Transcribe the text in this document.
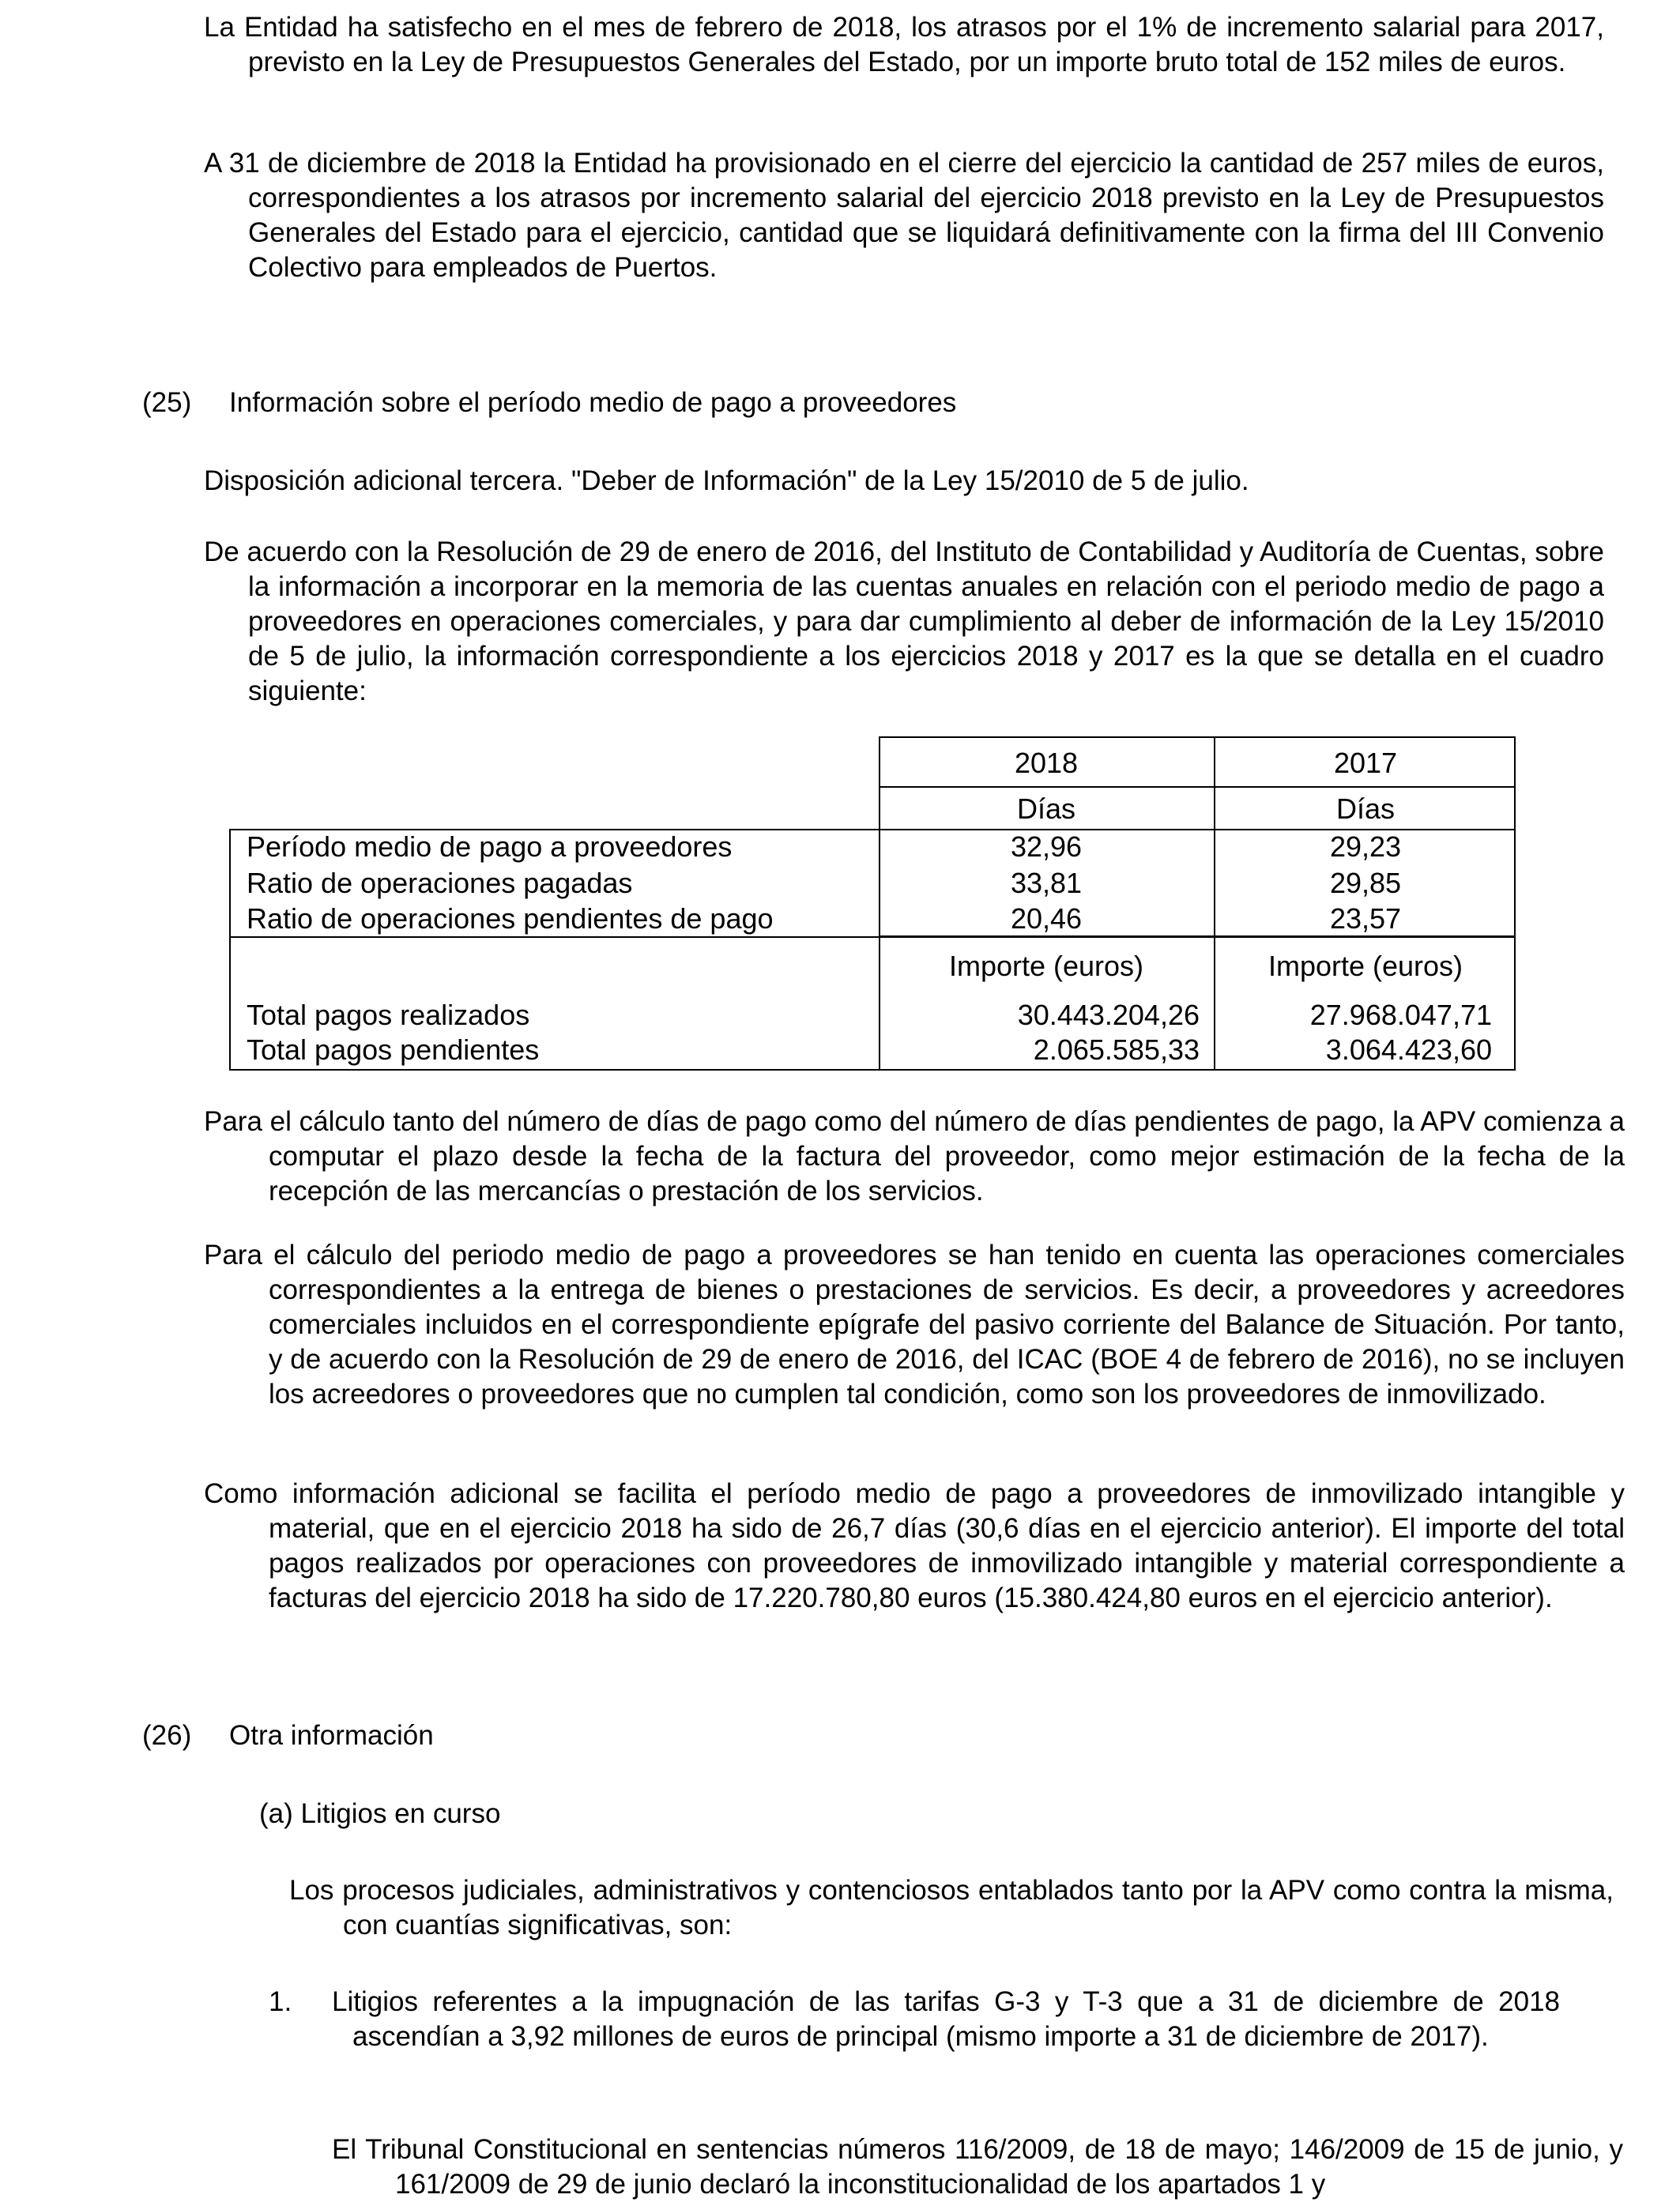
La Entidad ha satisfecho en el mes de febrero de 2018, los atrasos por el 1% de incremento salarial para 2017, previsto en la Ley de Presupuestos Generales del Estado, por un importe bruto total de 152 miles de euros.

A 31 de diciembre de 2018 la Entidad ha provisionado en el cierre del ejercicio la cantidad de 257 miles de euros, correspondientes a los atrasos por incremento salarial del ejercicio 2018 previsto en la Ley de Presupuestos Generales del Estado para el ejercicio, cantidad que se liquidará definitivamente con la firma del III Convenio Colectivo para empleados de Puertos.

(25) Información sobre el período medio de pago a proveedores

Disposición adicional tercera. "Deber de Información" de la Ley 15/2010 de 5 de julio.

De acuerdo con la Resolución de 29 de enero de 2016, del Instituto de Contabilidad y Auditoría de Cuentas, sobre la información a incorporar en la memoria de las cuentas anuales en relación con el periodo medio de pago a proveedores en operaciones comerciales, y para dar cumplimiento al deber de información de la Ley 15/2010 de 5 de julio, la información correspondiente a los ejercicios 2018 y 2017 es la que se detalla en el cuadro siguiente:

2018	2017
Días	Días
Período medio de pago a proveedores	32,96	29,23
Ratio de operaciones pagadas	33,81	29,85
Ratio de operaciones pendientes de pago	20,46	23,57
Importe (euros)	Importe (euros)
Total pagos realizados	30.443.204,26	27.968.047,71
Total pagos pendientes	2.065.585,33	3.064.423,60

Para el cálculo tanto del número de días de pago como del número de días pendientes de pago, la APV comienza a computar el plazo desde la fecha de la factura del proveedor, como mejor estimación de la fecha de la recepción de las mercancías o prestación de los servicios.

Para el cálculo del periodo medio de pago a proveedores se han tenido en cuenta las operaciones comerciales correspondientes a la entrega de bienes o prestaciones de servicios. Es decir, a proveedores y acreedores comerciales incluidos en el correspondiente epígrafe del pasivo corriente del Balance de Situación. Por tanto, y de acuerdo con la Resolución de 29 de enero de 2016, del ICAC (BOE 4 de febrero de 2016), no se incluyen los acreedores o proveedores que no cumplen tal condición, como son los proveedores de inmovilizado.

Como información adicional se facilita el período medio de pago a proveedores de inmovilizado intangible y material, que en el ejercicio 2018 ha sido de 26,7 días (30,6 días en el ejercicio anterior). El importe del total pagos realizados por operaciones con proveedores de inmovilizado intangible y material correspondiente a facturas del ejercicio 2018 ha sido de 17.220.780,80 euros (15.380.424,80 euros en el ejercicio anterior).

(26) Otra información

(a) Litigios en curso

Los procesos judiciales, administrativos y contenciosos entablados tanto por la APV como contra la misma, con cuantías significativas, son:

1. Litigios referentes a la impugnación de las tarifas G-3 y T-3 que a 31 de diciembre de 2018 ascendían a 3,92 millones de euros de principal (mismo importe a 31 de diciembre de 2017).

El Tribunal Constitucional en sentencias números 116/2009, de 18 de mayo; 146/2009 de 15 de junio, y 161/2009 de 29 de junio declaró la inconstitucionalidad de los apartados 1 y
